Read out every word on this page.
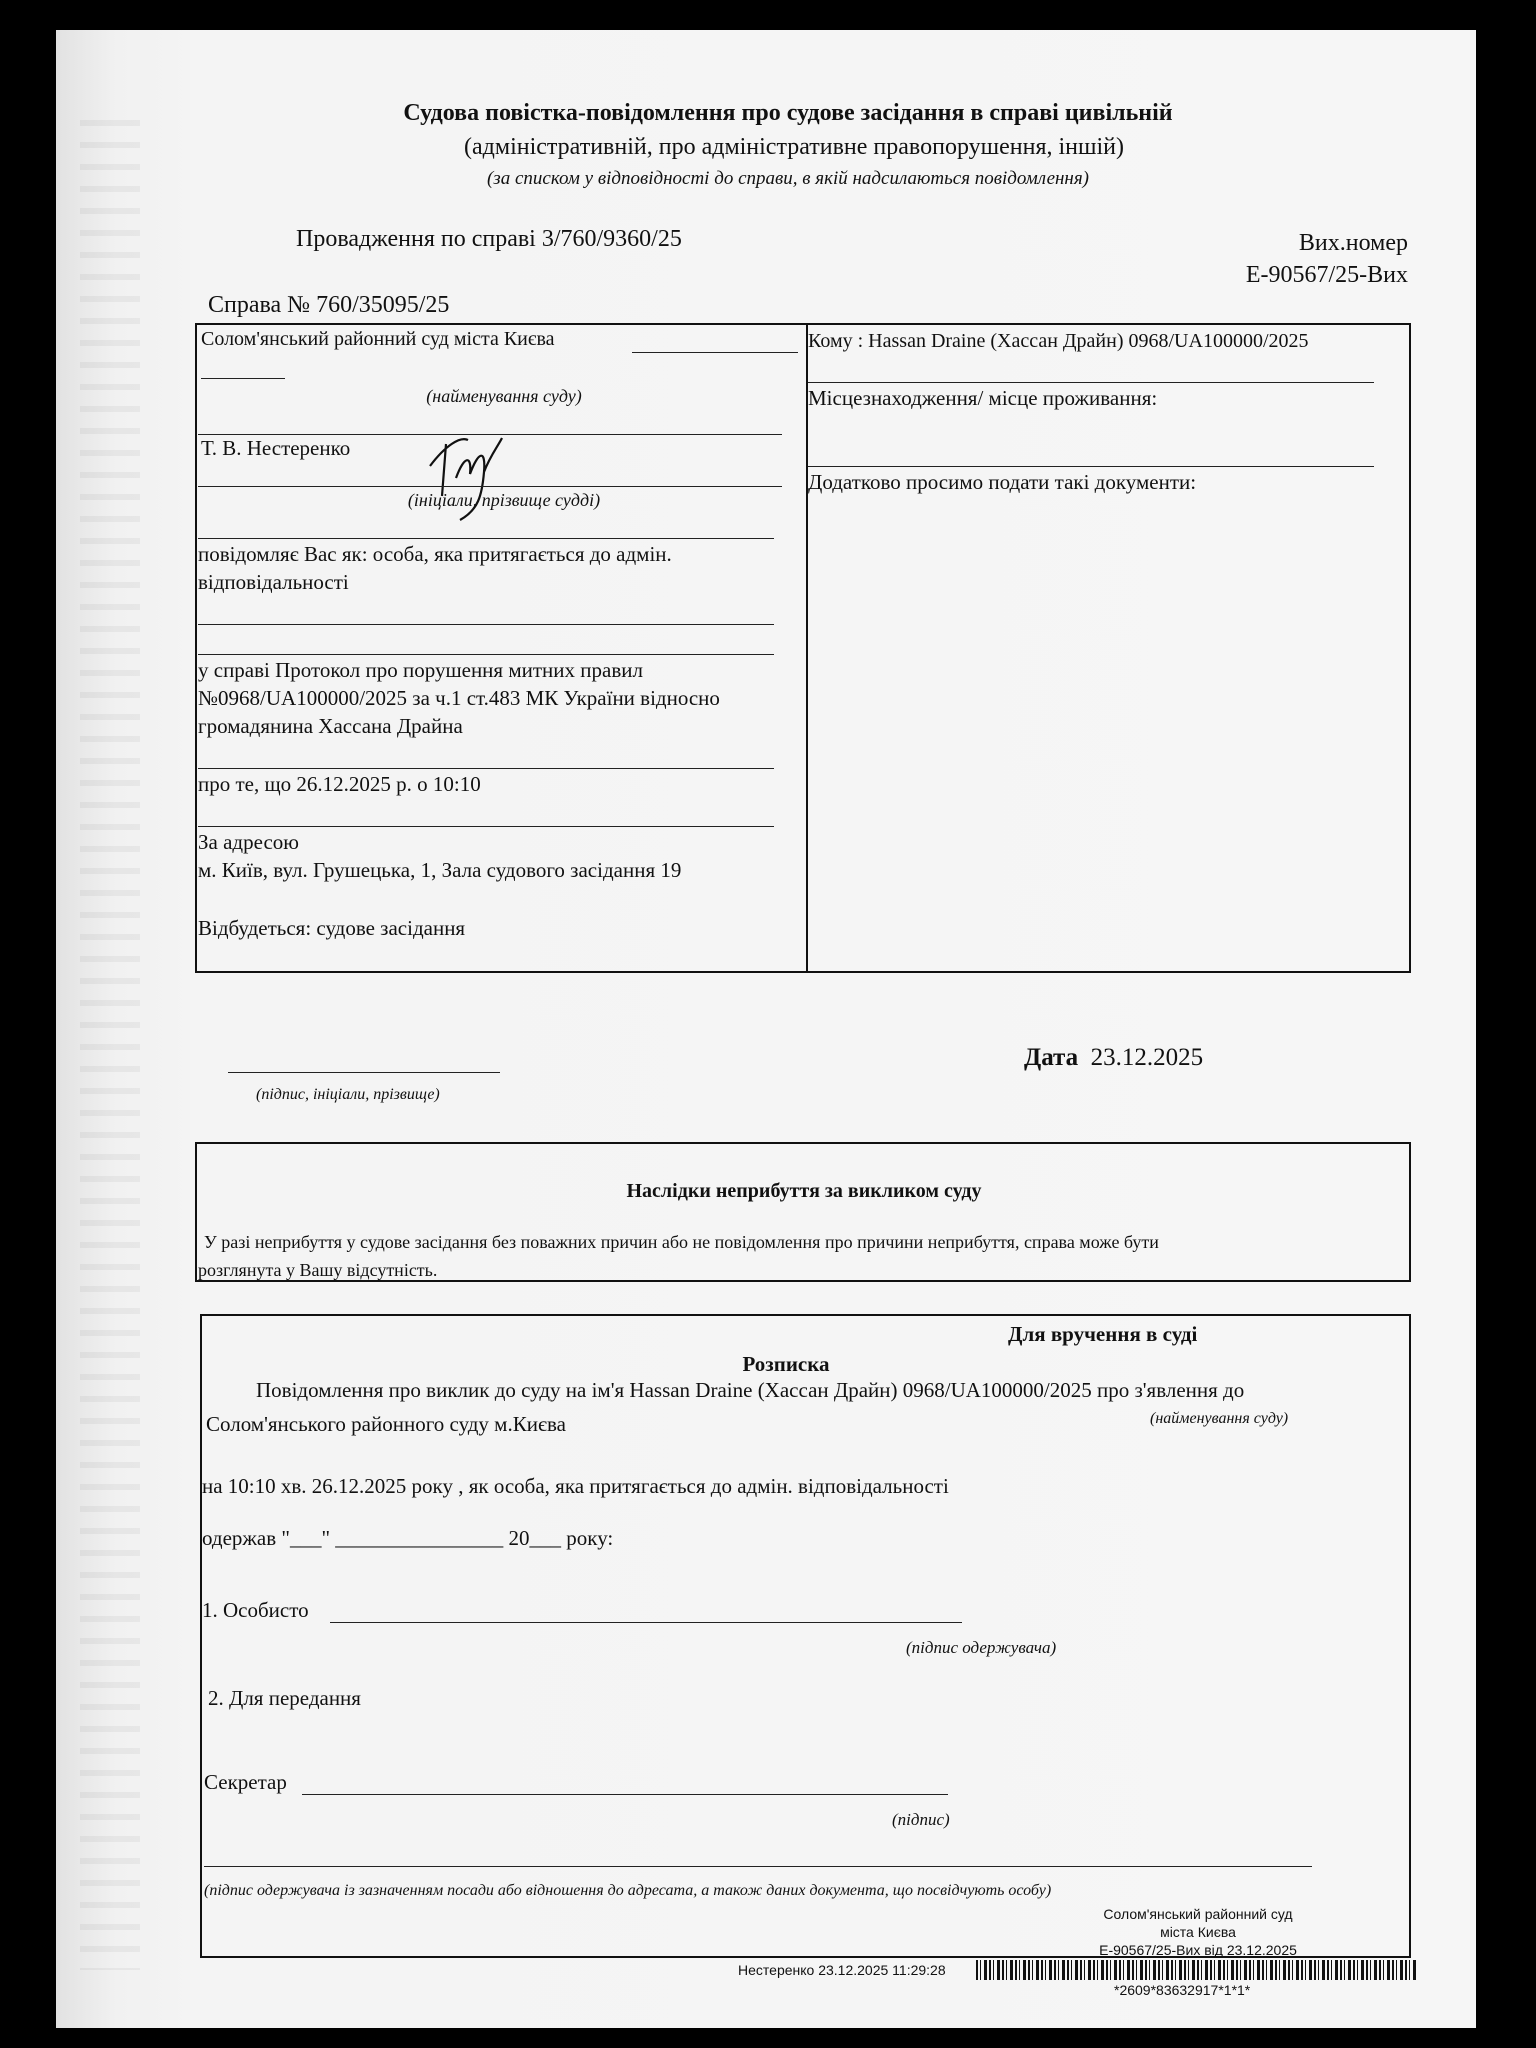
Судова повістка-повідомлення про судове засідання в справі цивільній
(адміністративній, про адміністративне правопорушення, іншій)
(за списком у відповідності до справи, в якій надсилаються повідомлення)
Провадження по справі 3/760/9360/25	Вих.номер
Е-90567/25-Вих
Справа № 760/35095/25
Солом'янський районний суд міста Києва
(найменування суду)
Т. В. Нестеренко
(ініціали, прізвище судді)
повідомляє Вас як: особа, яка притягається до адмін.
відповідальності
у справі Протокол про порушення митних правил
№0968/UA100000/2025 за ч.1 ст.483 МК України відносно
громадянина Хассана Драйна
про те, що 26.12.2025 р. о 10:10
За адресою
м. Київ, вул. Грушецька, 1, Зала судового засідання 19
Відбудеться: судове засідання
Кому : Hassan Draine (Хассан Драйн) 0968/UA100000/2025
Місцезнаходження/ місце проживання:
Додатково просимо подати такі документи:
(підпис, ініціали, прізвище)
Дата 23.12.2025
Наслідки неприбуття за викликом суду
У разі неприбуття у судове засідання без поважних причин або не повідомлення про причини неприбуття, справа може бути
розглянута у Вашу відсутність.
Для вручення в суді
Розписка
Повідомлення про виклик до суду на ім'я Hassan Draine (Хассан Драйн) 0968/UA100000/2025 про з'явлення до
Солом'янського районного суду м.Києва	(найменування суду)
на 10:10 хв. 26.12.2025 року , як особа, яка притягається до адмін. відповідальності
одержав "___" ________________ 20___ року:
1. Особисто
(підпис одержувача)
2. Для передання
Секретар
(підпис)
(підпис одержувача із зазначенням посади або відношення до адресата, а також даних документа, що посвідчують особу)
Солом'янський районний суд
міста Києва
Е-90567/25-Вих від 23.12.2025
Нестеренко 23.12.2025 11:29:28
*2609*83632917*1*1*
